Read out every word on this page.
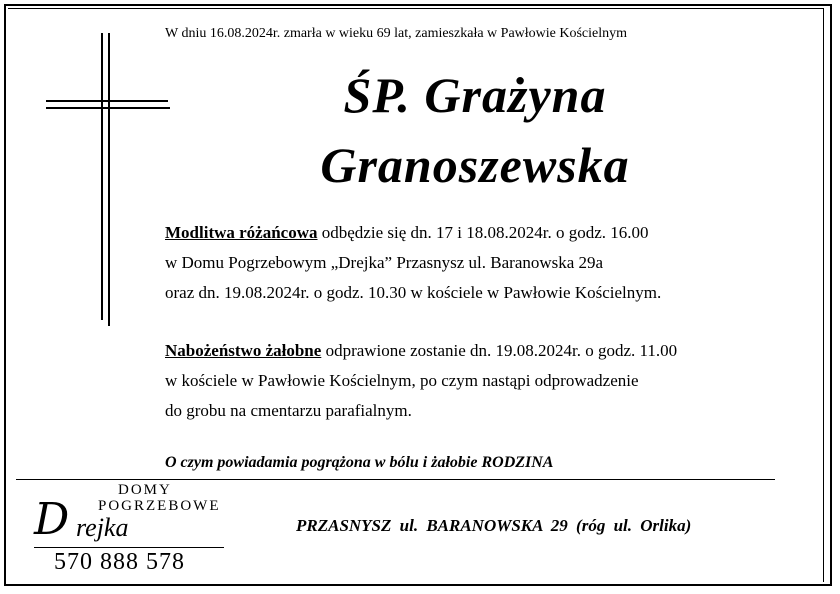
W dniu 16.08.2024r. zmarła w wieku 69 lat, zamieszkała w Pawłowie Kościelnym
ŚP. Grażyna
Granoszewska
Modlitwa różańcowa odbędzie się dn. 17 i 18.08.2024r. o godz. 16.00
w Domu Pogrzebowym „Drejka” Przasnysz ul. Baranowska 29a
oraz dn. 19.08.2024r. o godz. 10.30 w kościele w Pawłowie Kościelnym.
Nabożeństwo żałobne odprawione zostanie dn. 19.08.2024r. o godz. 11.00
w kościele w Pawłowie Kościelnym, po czym nastąpi odprowadzenie
do grobu na cmentarzu parafialnym.
O czym powiadamia pogrążona w bólu i żałobie RODZINA
DOMY
POGRZEBOWE
D rejka
570 888 578
PRZASNYSZ ul. BARANOWSKA 29 (róg ul. Orlika)
